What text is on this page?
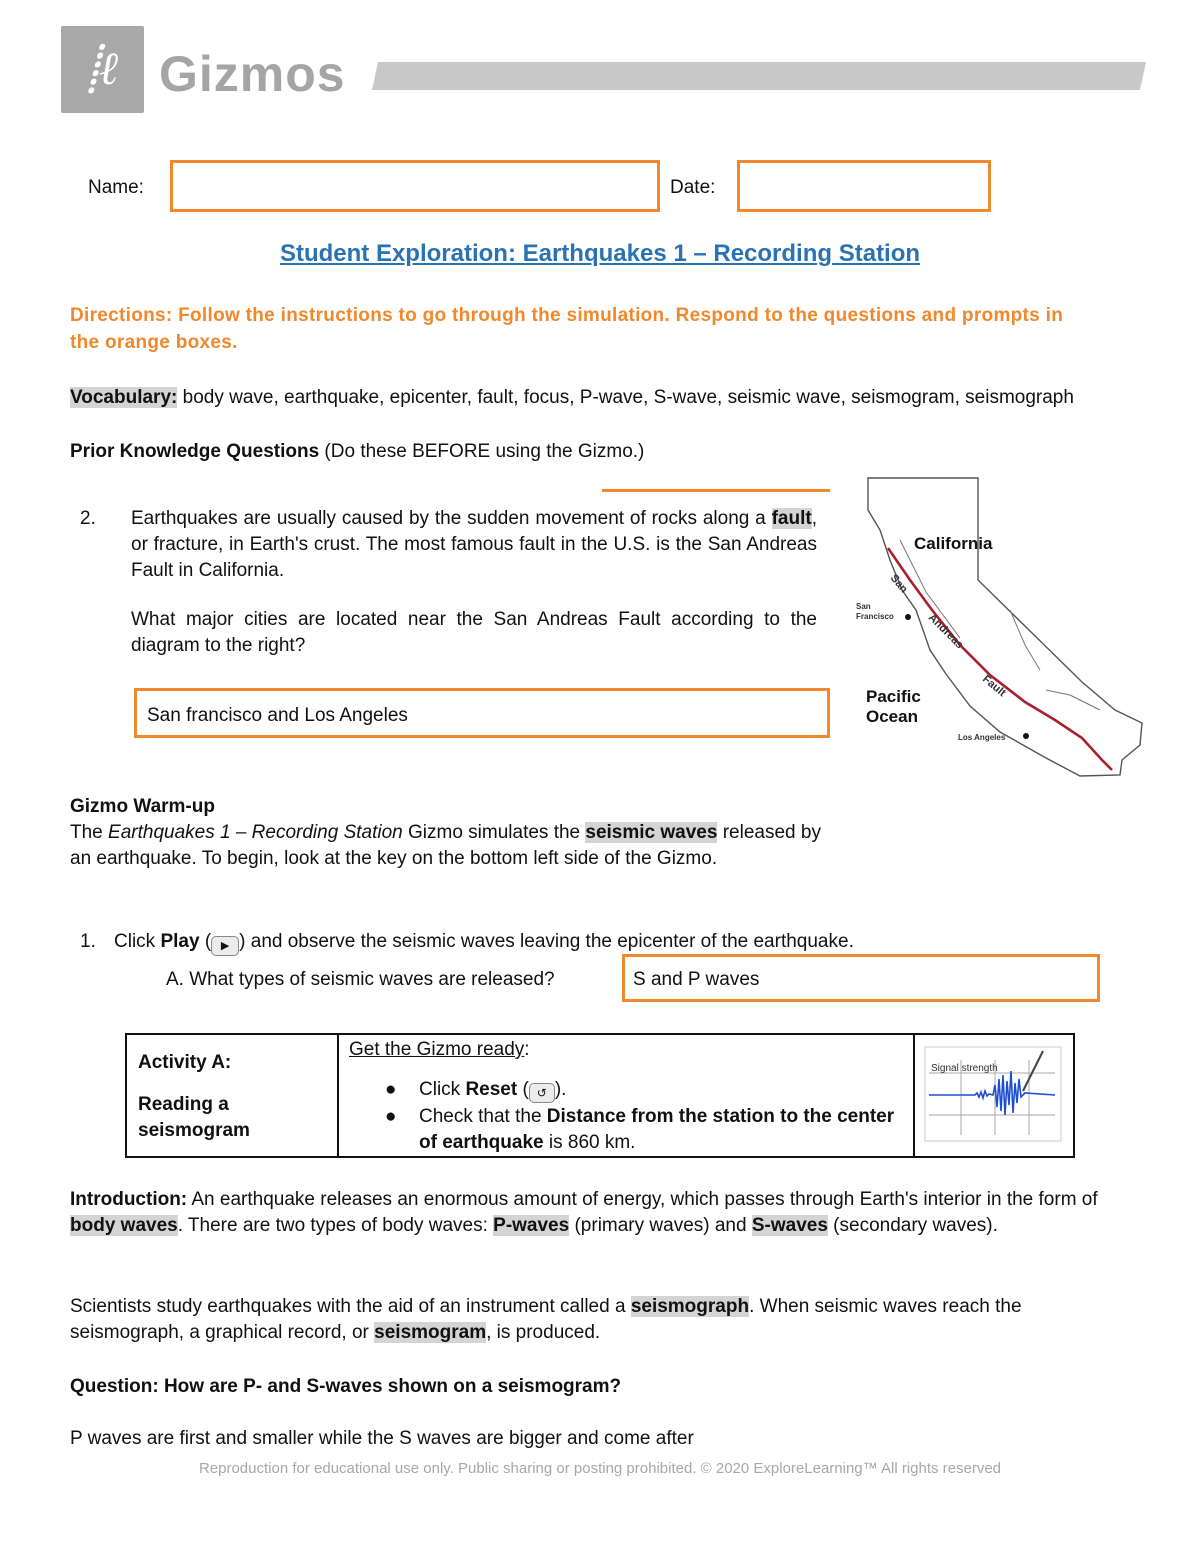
⸽ℓ Gizmos
Name:	Date:
Student Exploration: Earthquakes 1 – Recording Station
Directions: Follow the instructions to go through the simulation. Respond to the questions and prompts in the orange boxes.
Vocabulary: body wave, earthquake, epicenter, fault, focus, P-wave, S-wave, seismic wave, seismogram, seismograph
Prior Knowledge Questions (Do these BEFORE using the Gizmo.)
2. Earthquakes are usually caused by the sudden movement of rocks along a fault, or fracture, in Earth's crust. The most famous fault in the U.S. is the San Andreas Fault in California.
What major cities are located near the San Andreas Fault according to the diagram to the right?
San francisco and Los Angeles
California
San
Andreas
Fault
San
Francisco
Pacific
Ocean
Los Angeles
Gizmo Warm-up
The Earthquakes 1 – Recording Station Gizmo simulates the seismic waves released by an earthquake. To begin, look at the key on the bottom left side of the Gizmo.
1. Click Play ( ▶ ) and observe the seismic waves leaving the epicenter of the earthquake.
A. What types of seismic waves are released?	S and P waves
Activity A:
Reading a seismogram

Get the Gizmo ready:
● Click Reset ( ↺ ).
● Check that the Distance from the station to the center of earthquake is 860 km.

Signal strength
Introduction: An earthquake releases an enormous amount of energy, which passes through Earth's interior in the form of body waves. There are two types of body waves: P-waves (primary waves) and S-waves (secondary waves).
Scientists study earthquakes with the aid of an instrument called a seismograph. When seismic waves reach the seismograph, a graphical record, or seismogram, is produced.
Question: How are P- and S-waves shown on a seismogram?
P waves are first and smaller while the S waves are bigger and come after
Reproduction for educational use only. Public sharing or posting prohibited. © 2020 ExploreLearning™ All rights reserved
